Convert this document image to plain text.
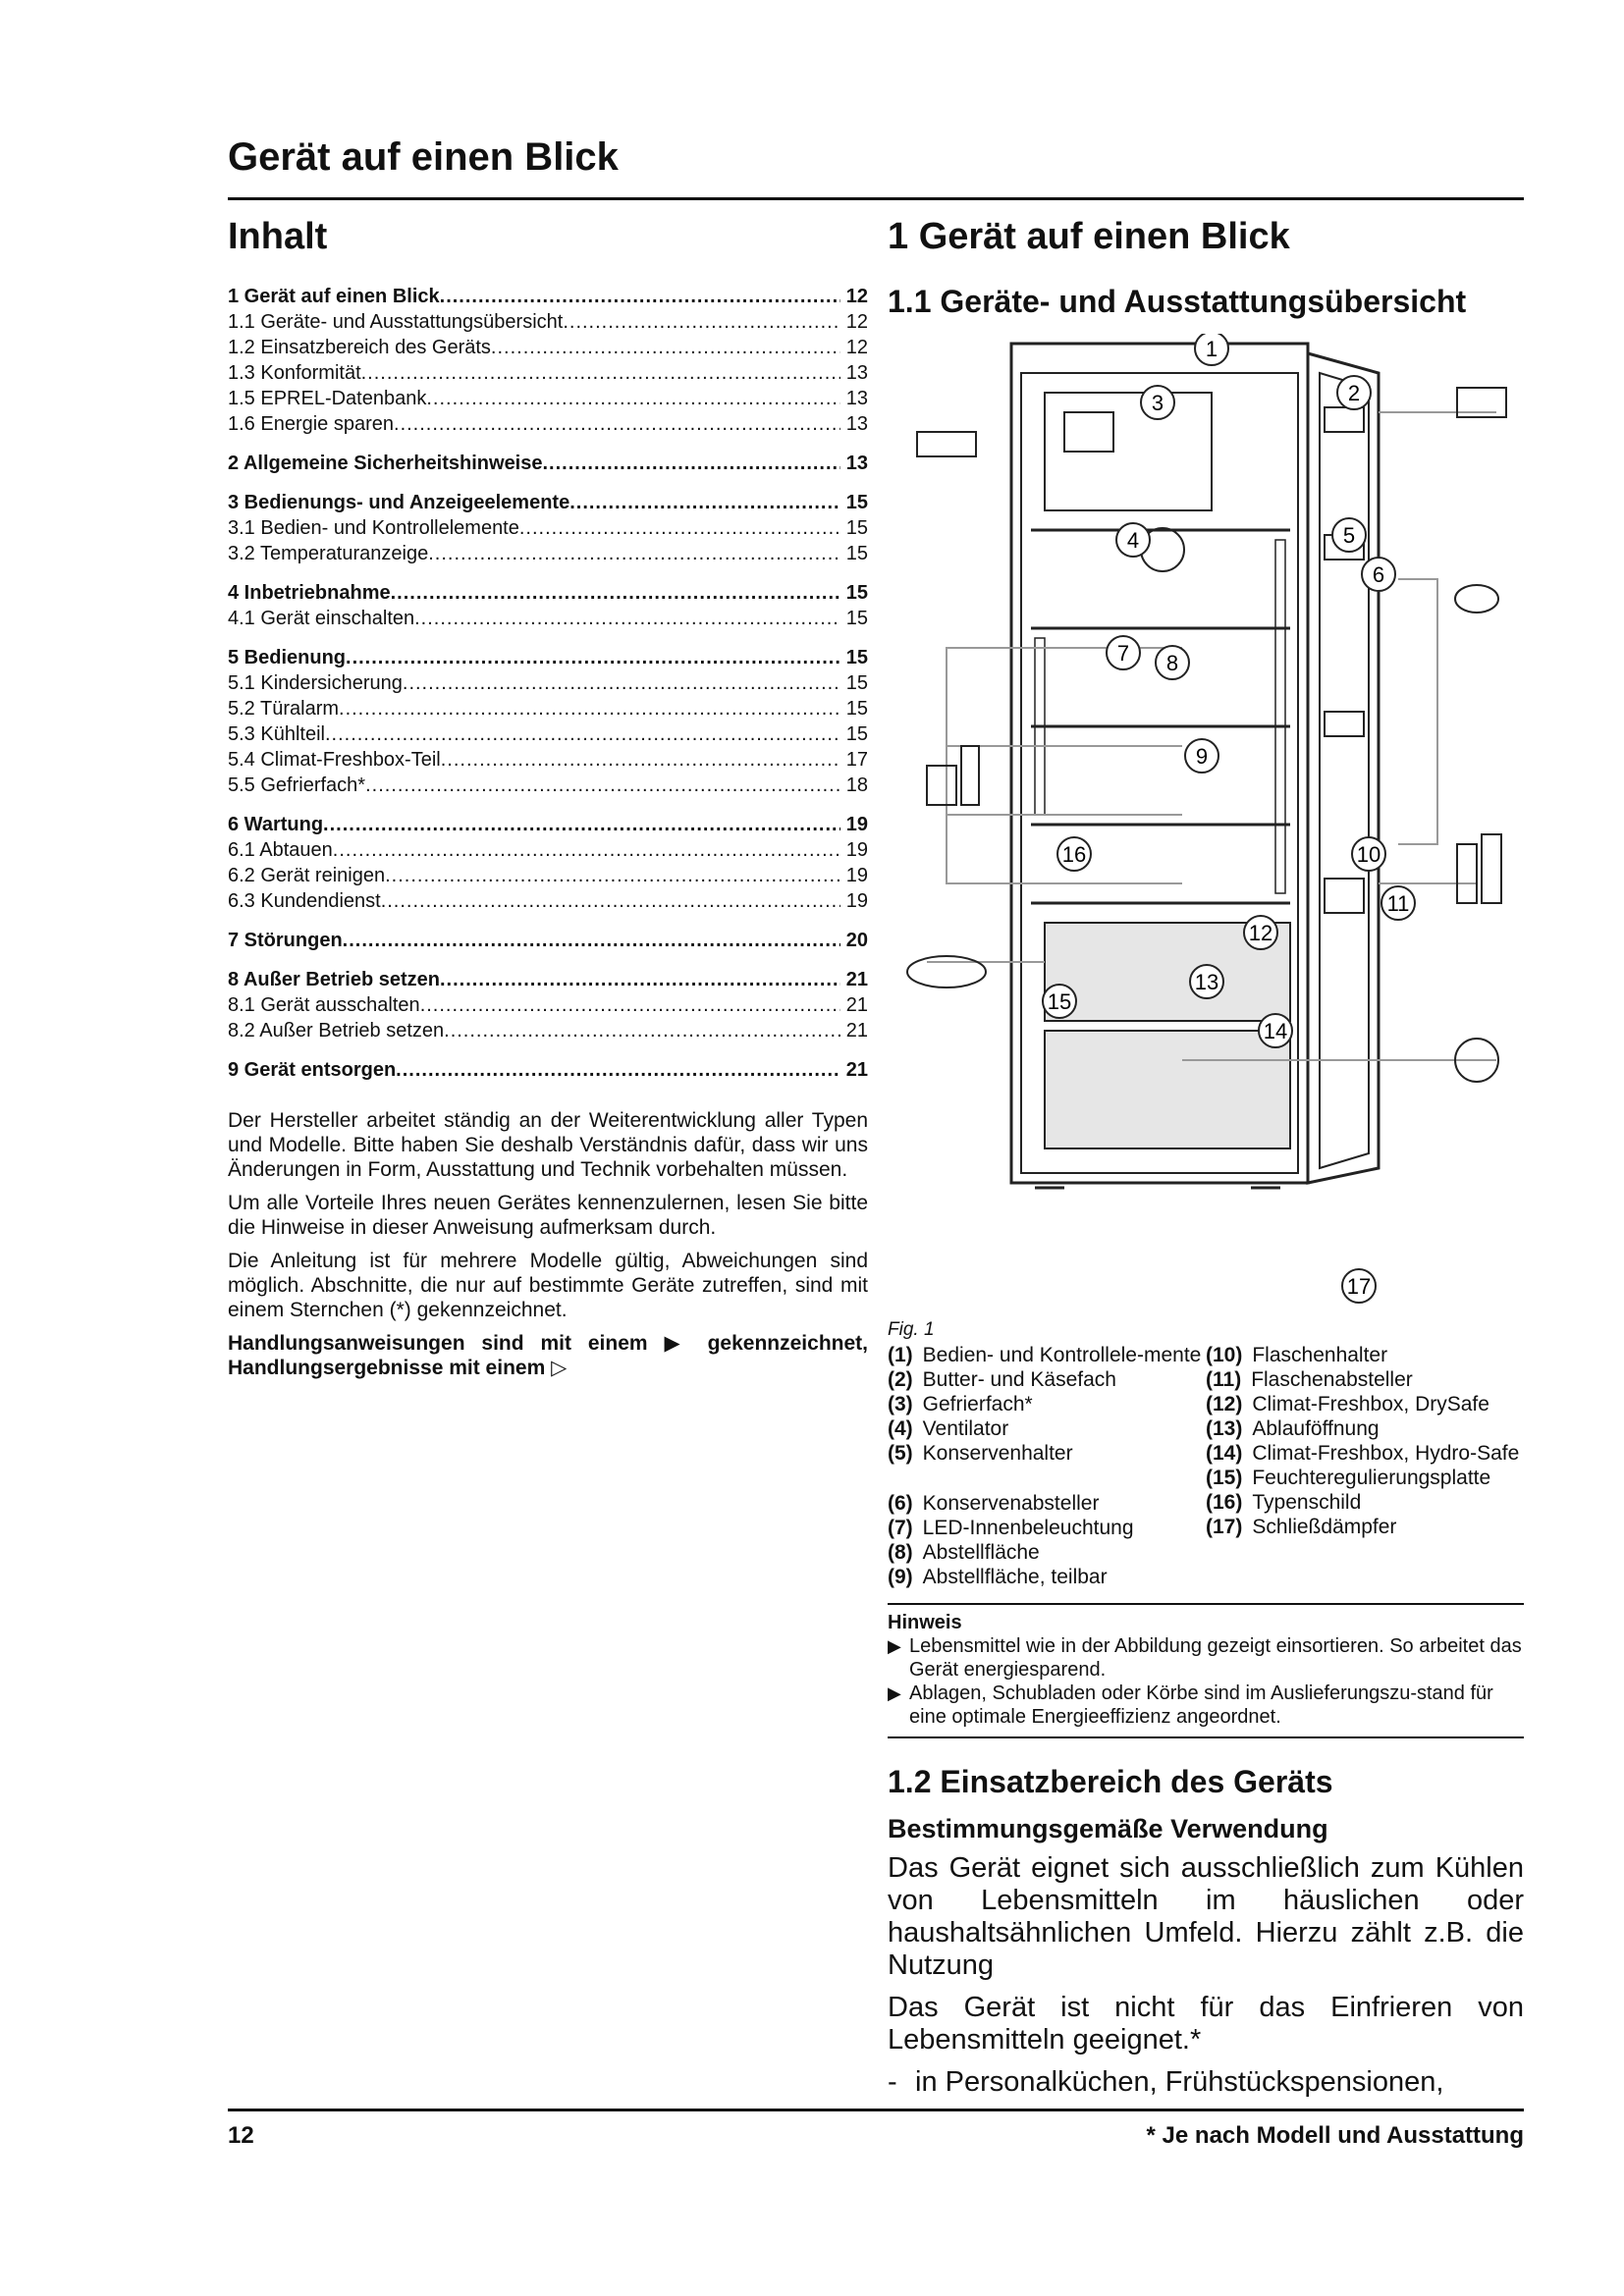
Gerät auf einen Blick
Inhalt
1 Gerät auf einen Blick .....	12
1.1 Geräte- und Ausstattungsübersicht .....	12
1.2 Einsatzbereich des Geräts .....	12
1.3 Konformität .....	13
1.5 EPREL-Datenbank .....	13
1.6 Energie sparen .....	13
2 Allgemeine Sicherheitshinweise .....	13
3 Bedienungs- und Anzeigeelemente .....	15
3.1 Bedien- und Kontrollelemente .....	15
3.2 Temperaturanzeige .....	15
4 Inbetriebnahme .....	15
4.1 Gerät einschalten .....	15
5 Bedienung .....	15
5.1 Kindersicherung .....	15
5.2 Türalarm .....	15
5.3 Kühlteil .....	15
5.4 Climat-Freshbox-Teil .....	17
5.5 Gefrierfach* .....	18
6 Wartung .....	19
6.1 Abtauen .....	19
6.2 Gerät reinigen .....	19
6.3 Kundendienst .....	19
7 Störungen .....	20
8 Außer Betrieb setzen .....	21
8.1 Gerät ausschalten .....	21
8.2 Außer Betrieb setzen .....	21
9 Gerät entsorgen .....	21

Der Hersteller arbeitet ständig an der Weiterentwicklung aller Typen und Modelle. Bitte haben Sie deshalb Verständnis dafür, dass wir uns Änderungen in Form, Ausstattung und Technik vorbehalten müssen.

Um alle Vorteile Ihres neuen Gerätes kennenzulernen, lesen Sie bitte die Hinweise in dieser Anweisung aufmerksam durch.

Die Anleitung ist für mehrere Modelle gültig, Abweichungen sind möglich. Abschnitte, die nur auf bestimmte Geräte zutreffen, sind mit einem Sternchen (*) gekennzeichnet.

Handlungsanweisungen sind mit einem ▶ gekennzeichnet, Handlungsergebnisse mit einem ▷

1 Gerät auf einen Blick
1.1 Geräte- und Ausstattungsübersicht
1
2
3
4	5
6
7 8
9
10
11
12
13
14
15
16
17
Fig. 1
(1) Bedien- und Kontrollele-mente
(2) Butter- und Käsefach
(3) Gefrierfach*
(4) Ventilator
(5) Konservenhalter
(6) Konservenabsteller
(7) LED-Innenbeleuchtung
(8) Abstellfläche
(9) Abstellfläche, teilbar
(10) Flaschenhalter
(11) Flaschenabsteller
(12) Climat-Freshbox, DrySafe
(13) Ablauföffnung
(14) Climat-Freshbox, Hydro-Safe
(15) Feuchteregulierungsplatte
(16) Typenschild
(17) Schließdämpfer
Hinweis
▶ Lebensmittel wie in der Abbildung gezeigt einsortieren. So arbeitet das Gerät energiesparend.
▶ Ablagen, Schubladen oder Körbe sind im Auslieferungszu-stand für eine optimale Energieeffizienz angeordnet.
1.2 Einsatzbereich des Geräts
Bestimmungsgemäße Verwendung

Das Gerät eignet sich ausschließlich zum Kühlen von Lebensmitteln im häuslichen oder haushaltsähnlichen Umfeld. Hierzu zählt z.B. die Nutzung

Das Gerät ist nicht für das Einfrieren von Lebensmitteln geeignet.*

- in Personalküchen, Frühstückspensionen,
12	* Je nach Modell und Ausstattung
